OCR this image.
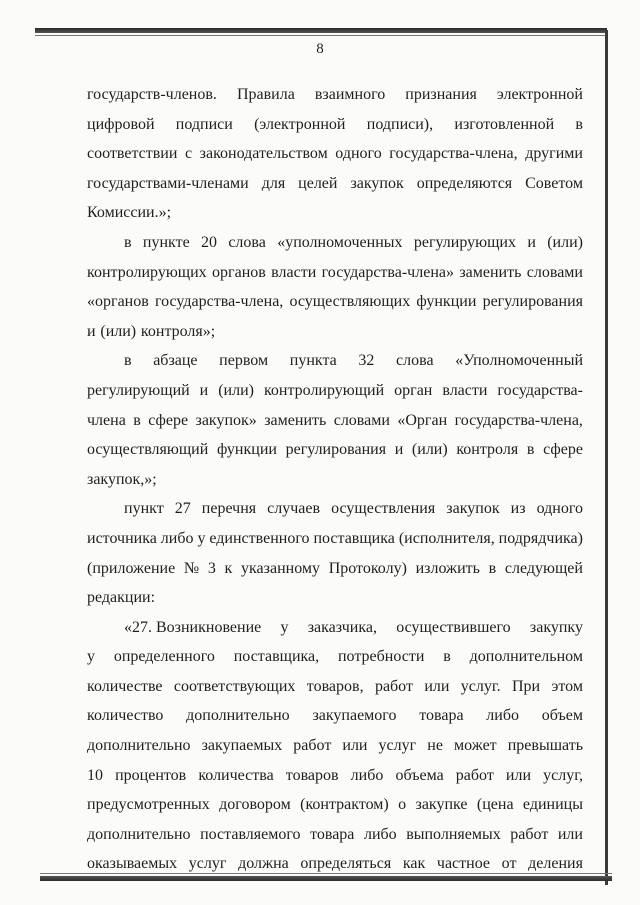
8
государств-членов. Правила взаимного признания электронной
цифровой подписи (электронной подписи), изготовленной в
соответствии с законодательством одного государства-члена, другими
государствами-членами для целей закупок определяются Советом
Комиссии.»;
в пункте 20 слова «уполномоченных регулирующих и (или)
контролирующих органов власти государства-члена» заменить словами
«органов государства-члена, осуществляющих функции регулирования
и (или) контроля»;
в абзаце первом пункта 32 слова «Уполномоченный
регулирующий и (или) контролирующий орган власти государства-
члена в сфере закупок» заменить словами «Орган государства-члена,
осуществляющий функции регулирования и (или) контроля в сфере
закупок,»;
пункт 27 перечня случаев осуществления закупок из одного
источника либо у единственного поставщика (исполнителя, подрядчика)
(приложение № 3 к указанному Протоколу) изложить в следующей
редакции:
«27. Возникновение у заказчика, осуществившего закупку
у определенного поставщика, потребности в дополнительном
количестве соответствующих товаров, работ или услуг. При этом
количество дополнительно закупаемого товара либо объем
дополнительно закупаемых работ или услуг не может превышать
10 процентов количества товаров либо объема работ или услуг,
предусмотренных договором (контрактом) о закупке (цена единицы
дополнительно поставляемого товара либо выполняемых работ или
оказываемых услуг должна определяться как частное от деления
